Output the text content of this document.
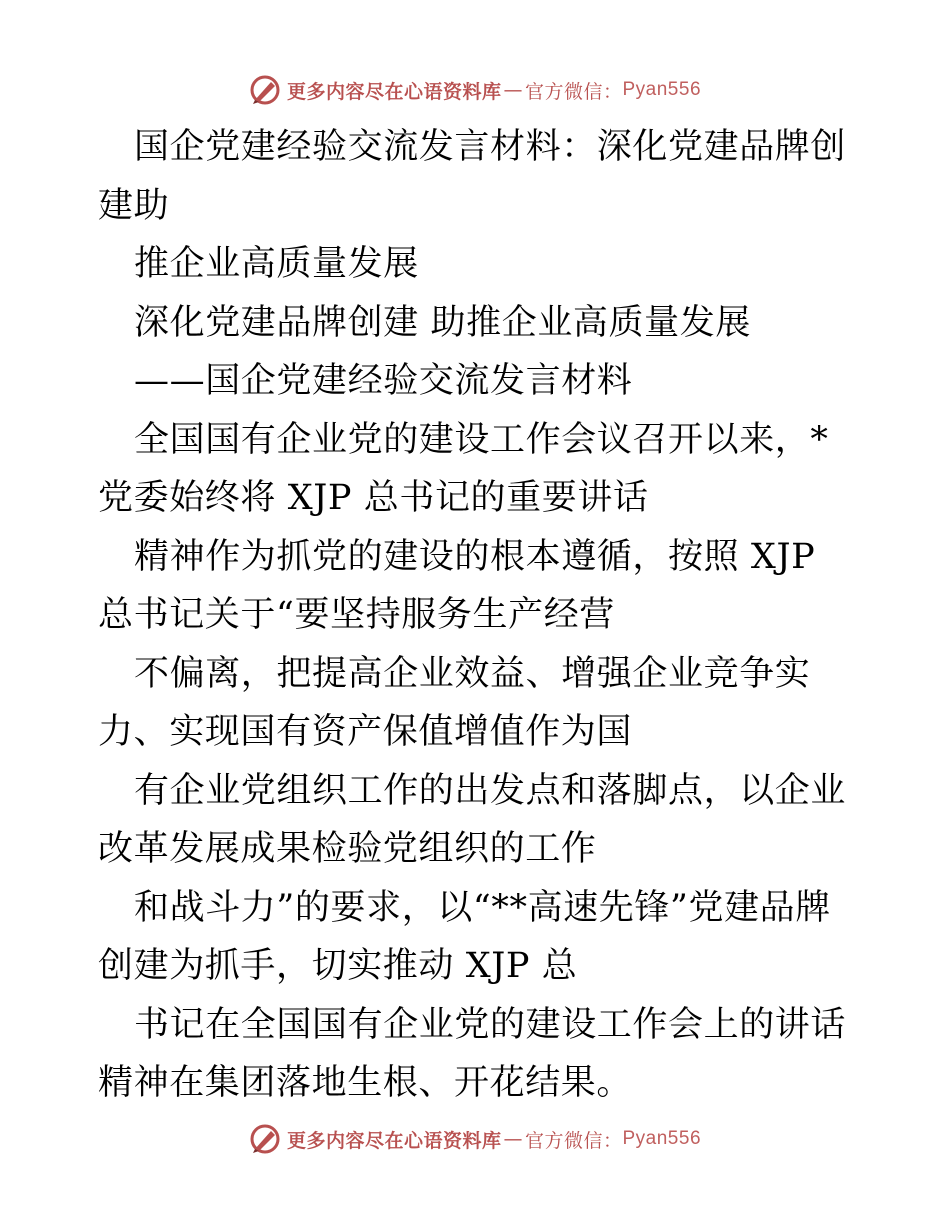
更多内容尽在心语资料库 — 官方微信： Pyan556

国企党建经验交流发言材料：深化党建品牌创建助

推企业高质量发展

深化党建品牌创建 助推企业高质量发展

——国企党建经验交流发言材料

全国国有企业党的建设工作会议召开以来，*党委始终将 XJP 总书记的重要讲话

精神作为抓党的建设的根本遵循，按照 XJP 总书记关于“要坚持服务生产经营

不偏离，把提高企业效益、增强企业竞争实力、实现国有资产保值增值作为国

有企业党组织工作的出发点和落脚点，以企业改革发展成果检验党组织的工作

和战斗力”的要求，以“**高速先锋”党建品牌创建为抓手，切实推动 XJP 总

书记在全国国有企业党的建设工作会上的讲话精神在集团落地生根、开花结果。

更多内容尽在心语资料库 — 官方微信： Pyan556
